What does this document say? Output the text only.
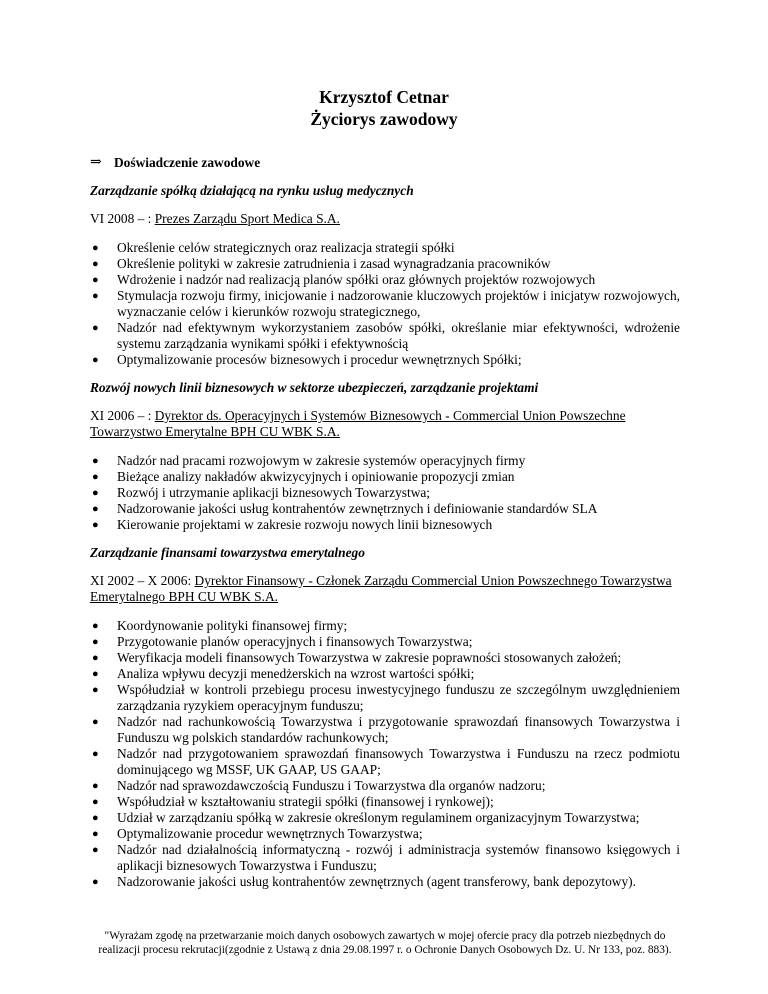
Krzysztof Cetnar

Życiorys zawodowy

⇒ Doświadczenie zawodowe

Zarządzanie spółką działającą na rynku usług medycznych

VI 2008 – : Prezes Zarządu Sport Medica S.A.

● Określenie celów strategicznych oraz realizacja strategii spółki
● Określenie polityki w zakresie zatrudnienia i zasad wynagradzania pracowników
● Wdrożenie i nadzór nad realizacją planów spółki oraz głównych projektów rozwojowych
● Stymulacja rozwoju firmy, inicjowanie i nadzorowanie kluczowych projektów i inicjatyw rozwojowych, wyznaczanie celów i kierunków rozwoju strategicznego,
● Nadzór nad efektywnym wykorzystaniem zasobów spółki, określanie miar efektywności, wdrożenie systemu zarządzania wynikami spółki i efektywnością
● Optymalizowanie procesów biznesowych i procedur wewnętrznych Spółki;

Rozwój nowych linii biznesowych w sektorze ubezpieczeń, zarządzanie projektami

XI 2006 – : Dyrektor ds. Operacyjnych i Systemów Biznesowych - Commercial Union Powszechne Towarzystwo Emerytalne BPH CU WBK S.A.

● Nadzór nad pracami rozwojowym w zakresie systemów operacyjnych firmy
● Bieżące analizy nakładów akwizycyjnych i opiniowanie propozycji zmian
● Rozwój i utrzymanie aplikacji biznesowych Towarzystwa;
● Nadzorowanie jakości usług kontrahentów zewnętrznych i definiowanie standardów SLA
● Kierowanie projektami w zakresie rozwoju nowych linii biznesowych

Zarządzanie finansami towarzystwa emerytalnego

XI 2002 – X 2006: Dyrektor Finansowy - Członek Zarządu Commercial Union Powszechnego Towarzystwa Emerytalnego BPH CU WBK S.A.

● Koordynowanie polityki finansowej firmy;
● Przygotowanie planów operacyjnych i finansowych Towarzystwa;
● Weryfikacja modeli finansowych Towarzystwa w zakresie poprawności stosowanych założeń;
● Analiza wpływu decyzji menedżerskich na wzrost wartości spółki;
● Współudział w kontroli przebiegu procesu inwestycyjnego funduszu ze szczególnym uwzględnieniem zarządzania ryzykiem operacyjnym funduszu;
● Nadzór nad rachunkowością Towarzystwa i przygotowanie sprawozdań finansowych Towarzystwa i Funduszu wg polskich standardów rachunkowych;
● Nadzór nad przygotowaniem sprawozdań finansowych Towarzystwa i Funduszu na rzecz podmiotu dominującego wg MSSF, UK GAAP, US GAAP;
● Nadzór nad sprawozdawczością Funduszu i Towarzystwa dla organów nadzoru;
● Współudział w kształtowaniu strategii spółki (finansowej i rynkowej);
● Udział w zarządzaniu spółką w zakresie określonym regulaminem organizacyjnym Towarzystwa;
● Optymalizowanie procedur wewnętrznych Towarzystwa;
● Nadzór nad działalnością informatyczną - rozwój i administracja systemów finansowo księgowych i aplikacji biznesowych Towarzystwa i Funduszu;
● Nadzorowanie jakości usług kontrahentów zewnętrznych (agent transferowy, bank depozytowy).
"Wyrażam zgodę na przetwarzanie moich danych osobowych zawartych w mojej ofercie pracy dla potrzeb niezbędnych do realizacji procesu rekrutacji(zgodnie z Ustawą z dnia 29.08.1997 r. o Ochronie Danych Osobowych Dz. U. Nr 133, poz. 883).
